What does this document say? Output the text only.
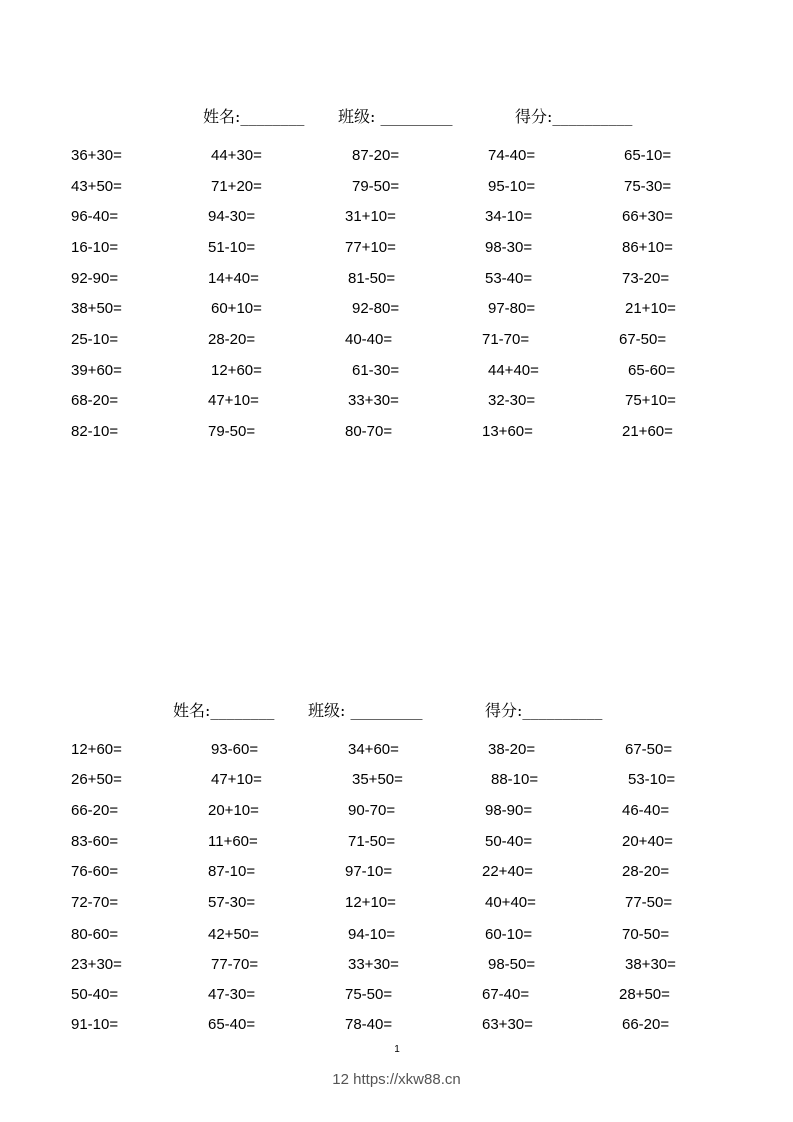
姓名:________ 班级: _________	得分:__________
36+30=	44+30=	87-20=	74-40=	65-10=
43+50=	71+20=	79-50=	95-10=	75-30=
96-40=	94-30=	31+10=	34-10=	66+30=
16-10=	51-10=	77+10=	98-30=	86+10=
92-90=	14+40=	81-50=	53-40=	73-20=
38+50=	60+10=	92-80=	97-80=	21+10=
25-10=	28-20=	40-40=	71-70=	67-50=
39+60=	12+60=	61-30=	44+40=	65-60=
68-20=	47+10=	33+30=	32-30=	75+10=
82-10=	79-50=	80-70=	13+60=	21+60=
姓名:________ 班级: _________	得分:__________
12+60=	93-60=	34+60=	38-20=	67-50=
26+50=	47+10=	35+50=	88-10=	53-10=
66-20=	20+10=	90-70=	98-90=	46-40=
83-60=	11+60=	71-50=	50-40=	20+40=
76-60=	87-10=	97-10=	22+40=	28-20=
72-70=	57-30=	12+10=	40+40=	77-50=
80-60=	42+50=	94-10=	60-10=	70-50=
23+30=	77-70=	33+30=	98-50=	38+30=
50-40=	47-30=	75-50=	67-40=	28+50=
91-10=	65-40=	78-40=	63+30=	66-20=
1
12 https://xkw88.cn
